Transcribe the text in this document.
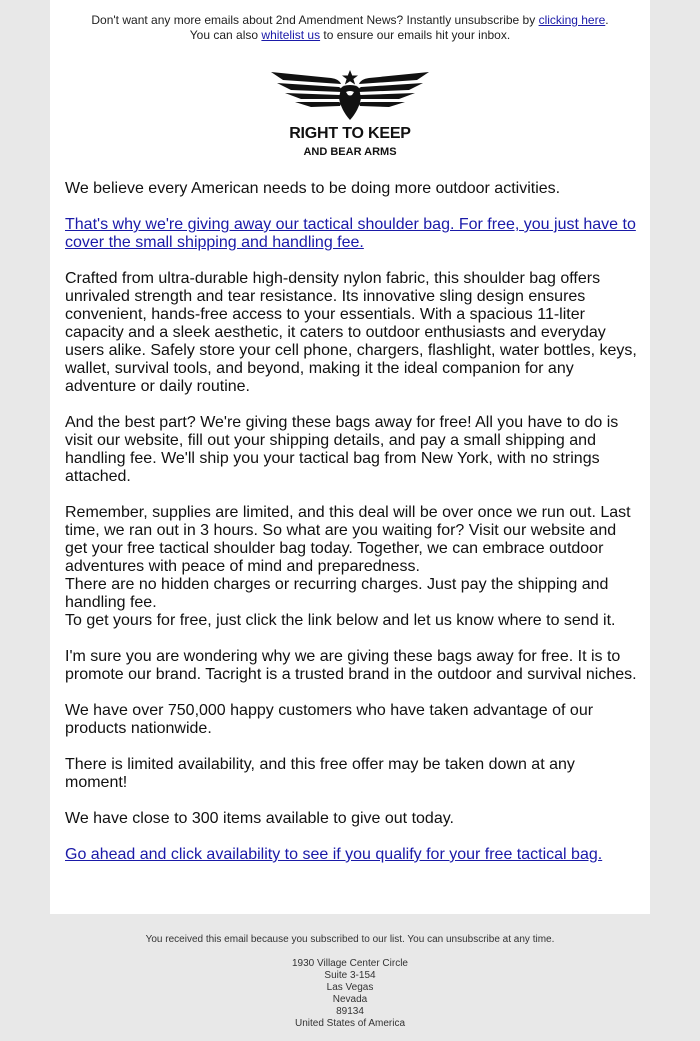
Don't want any more emails about 2nd Amendment News? Instantly unsubscribe by clicking here.
You can also whitelist us to ensure our emails hit your inbox.
RIGHT TO KEEP
AND BEAR ARMS

We believe every American needs to be doing more outdoor activities.

That's why we're giving away our tactical shoulder bag. For free, you just have to cover the small shipping and handling fee.

Crafted from ultra-durable high-density nylon fabric, this shoulder bag offers unrivaled strength and tear resistance. Its innovative sling design ensures convenient, hands-free access to your essentials. With a spacious 11-liter capacity and a sleek aesthetic, it caters to outdoor enthusiasts and everyday users alike. Safely store your cell phone, chargers, flashlight, water bottles, keys, wallet, survival tools, and beyond, making it the ideal companion for any adventure or daily routine.

And the best part? We're giving these bags away for free! All you have to do is visit our website, fill out your shipping details, and pay a small shipping and handling fee. We'll ship you your tactical bag from New York, with no strings attached.

Remember, supplies are limited, and this deal will be over once we run out. Last time, we ran out in 3 hours. So what are you waiting for? Visit our website and get your free tactical shoulder bag today. Together, we can embrace outdoor adventures with peace of mind and preparedness.
There are no hidden charges or recurring charges. Just pay the shipping and handling fee.
To get yours for free, just click the link below and let us know where to send it.

I'm sure you are wondering why we are giving these bags away for free. It is to promote our brand. Tacright is a trusted brand in the outdoor and survival niches.

We have over 750,000 happy customers who have taken advantage of our products nationwide.

There is limited availability, and this free offer may be taken down at any moment!

We have close to 300 items available to give out today.

Go ahead and click availability to see if you qualify for your free tactical bag.

You received this email because you subscribed to our list. You can unsubscribe at any time.
1930 Village Center Circle
Suite 3-154
Las Vegas
Nevada
89134
United States of America
